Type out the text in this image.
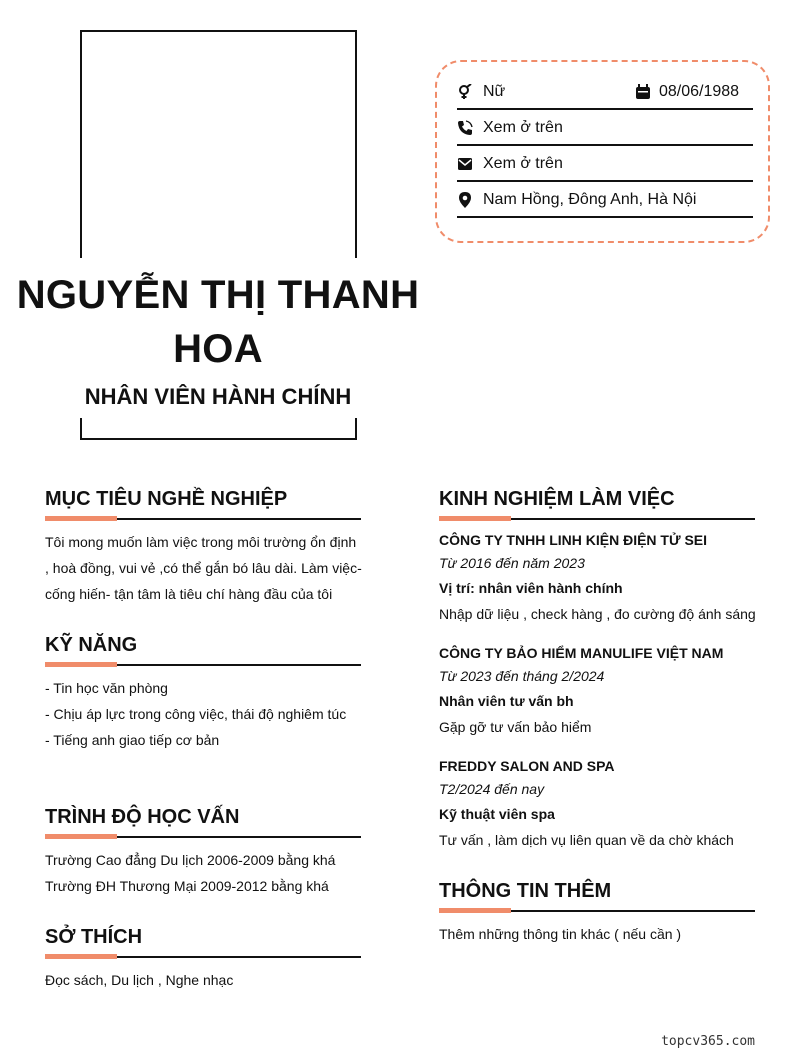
Nữ	08/06/1988
Xem ở trên
Xem ở trên
Nam Hồng, Đông Anh, Hà Nội
NGUYỄN THỊ THANH HOA
NHÂN VIÊN HÀNH CHÍNH
MỤC TIÊU NGHỀ NGHIỆP
Tôi mong muốn làm việc trong môi trường ổn định
, hoà đồng, vui vẻ ,có thể gắn bó lâu dài. Làm việc-
cống hiến- tận tâm là tiêu chí hàng đầu của tôi
KỸ NĂNG
- Tin học văn phòng
- Chịu áp lực trong công việc, thái độ nghiêm túc
- Tiếng anh giao tiếp cơ bản
TRÌNH ĐỘ HỌC VẤN
Trường Cao đẳng Du lịch 2006-2009 bằng khá
Trường ĐH Thương Mại 2009-2012 bằng khá
SỞ THÍCH
Đọc sách, Du lịch , Nghe nhạc
KINH NGHIỆM LÀM VIỆC
CÔNG TY TNHH LINH KIỆN ĐIỆN TỬ SEI
Từ 2016 đến năm 2023
Vị trí: nhân viên hành chính
Nhập dữ liệu , check hàng , đo cường độ ánh sáng
CÔNG TY BẢO HIỂM MANULIFE VIỆT NAM
Từ 2023 đến tháng 2/2024
Nhân viên tư vấn bh
Gặp gỡ tư vấn bảo hiểm
FREDDY SALON AND SPA
T2/2024 đến nay
Kỹ thuật viên spa
Tư vấn , làm dịch vụ liên quan về da chờ khách
THÔNG TIN THÊM
Thêm những thông tin khác ( nếu cần )
topcv365.com
